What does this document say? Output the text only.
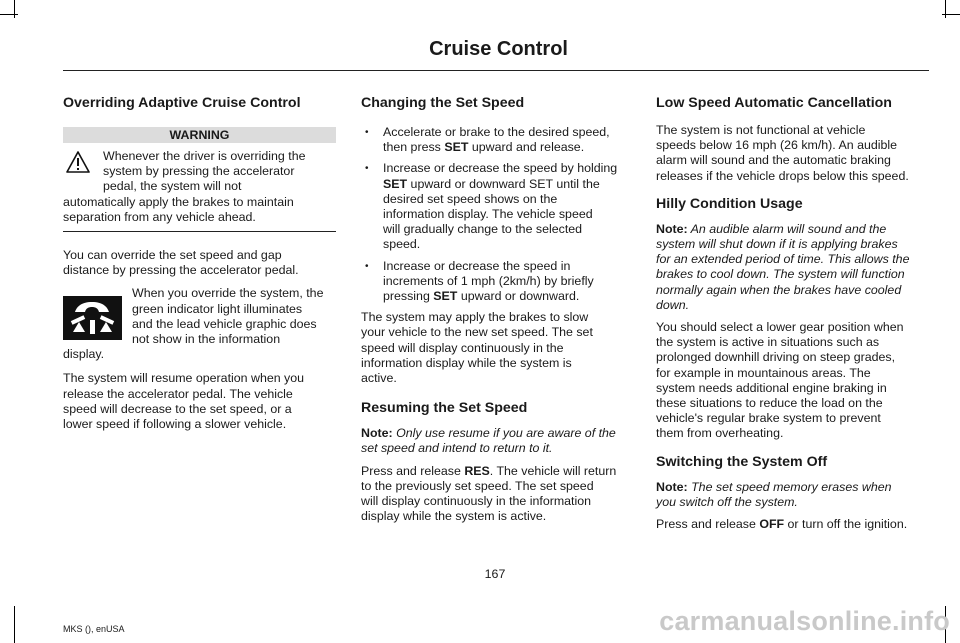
Cruise Control

Overriding Adaptive Cruise Control

WARNING

Whenever the driver is overriding the

system by pressing the accelerator

pedal, the system will not

automatically apply the brakes to maintain

separation from any vehicle ahead.

You can override the set speed and gap

distance by pressing the accelerator pedal.

When you override the system, the

green indicator light illuminates

and the lead vehicle graphic does

not show in the information

display.

The system will resume operation when you

release the accelerator pedal. The vehicle

speed will decrease to the set speed, or a

lower speed if following a slower vehicle.

Changing the Set Speed

• Accelerate or brake to the desired speed,
then press SET upward and release.
• Increase or decrease the speed by holding
SET upward or downward SET until the
desired set speed shows on the
information display. The vehicle speed
will gradually change to the selected
speed.
• Increase or decrease the speed in
increments of 1 mph (2km/h) by briefly
pressing SET upward or downward.

The system may apply the brakes to slow

your vehicle to the new set speed. The set

speed will display continuously in the

information display while the system is

active.

Resuming the Set Speed

Note: Only use resume if you are aware of the

set speed and intend to return to it.

Press and release RES. The vehicle will return

to the previously set speed. The set speed

will display continuously in the information

display while the system is active.

Low Speed Automatic Cancellation

The system is not functional at vehicle

speeds below 16 mph (26 km/h). An audible

alarm will sound and the automatic braking

releases if the vehicle drops below this speed.

Hilly Condition Usage

Note: An audible alarm will sound and the

system will shut down if it is applying brakes

for an extended period of time. This allows the

brakes to cool down. The system will function

normally again when the brakes have cooled

down.

You should select a lower gear position when

the system is active in situations such as

prolonged downhill driving on steep grades,

for example in mountainous areas. The

system needs additional engine braking in

these situations to reduce the load on the

vehicle's regular brake system to prevent

them from overheating.

Switching the System Off

Note: The set speed memory erases when

you switch off the system.

Press and release OFF or turn off the ignition.

167
MKS (), enUSA	carmanualsonline.info
